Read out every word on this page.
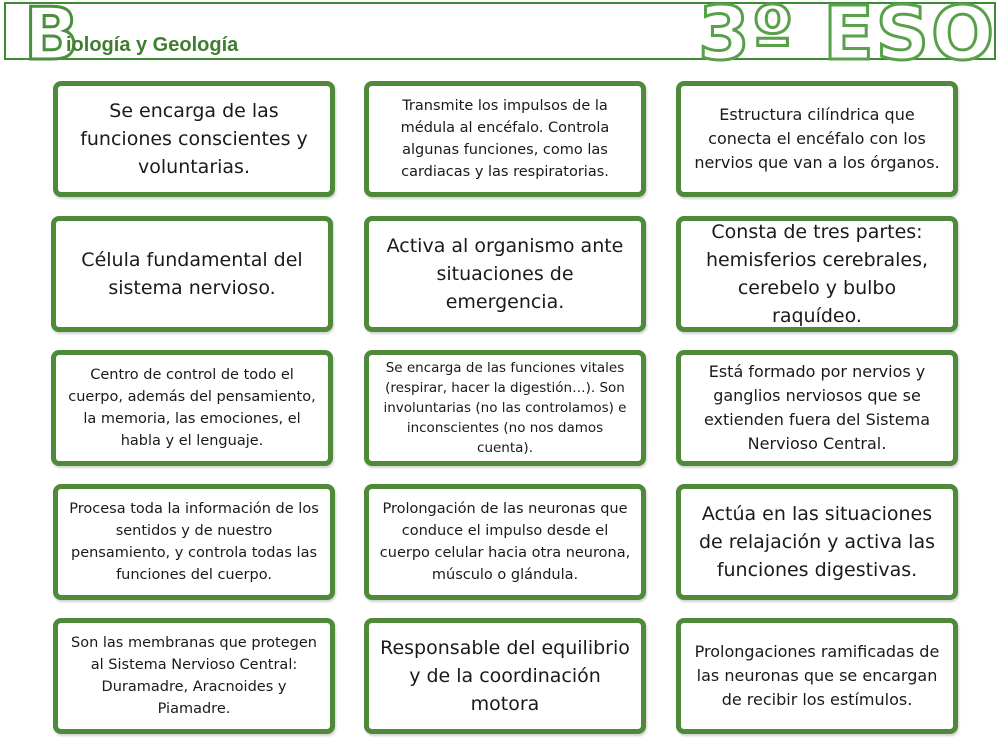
B
iología y Geología	3º ESO
Se encarga de las funciones conscientes y voluntarias.
Transmite los impulsos de la médula al encéfalo. Controla algunas funciones, como las cardiacas y las respiratorias.
Estructura cilíndrica que conecta el encéfalo con los nervios que van a los órganos.
Célula fundamental del sistema nervioso.
Activa al organismo ante situaciones de emergencia.
Consta de tres partes: hemisferios cerebrales, cerebelo y bulbo raquídeo.
Centro de control de todo el cuerpo, además del pensamiento, la memoria, las emociones, el habla y el lenguaje.
Se encarga de las funciones vitales (respirar, hacer la digestión…). Son involuntarias (no las controlamos) e inconscientes (no nos damos cuenta).
Está formado por nervios y ganglios nerviosos que se extienden fuera del Sistema Nervioso Central.
Procesa toda la información de los sentidos y de nuestro pensamiento, y controla todas las funciones del cuerpo.
Prolongación de las neuronas que conduce el impulso desde el cuerpo celular hacia otra neurona, músculo o glándula.
Actúa en las situaciones de relajación y activa las funciones digestivas.
Son las membranas que protegen al Sistema Nervioso Central: Duramadre, Aracnoides y Piamadre.
Responsable del equilibrio y de la coordinación motora
Prolongaciones ramificadas de las neuronas que se encargan de recibir los estímulos.
